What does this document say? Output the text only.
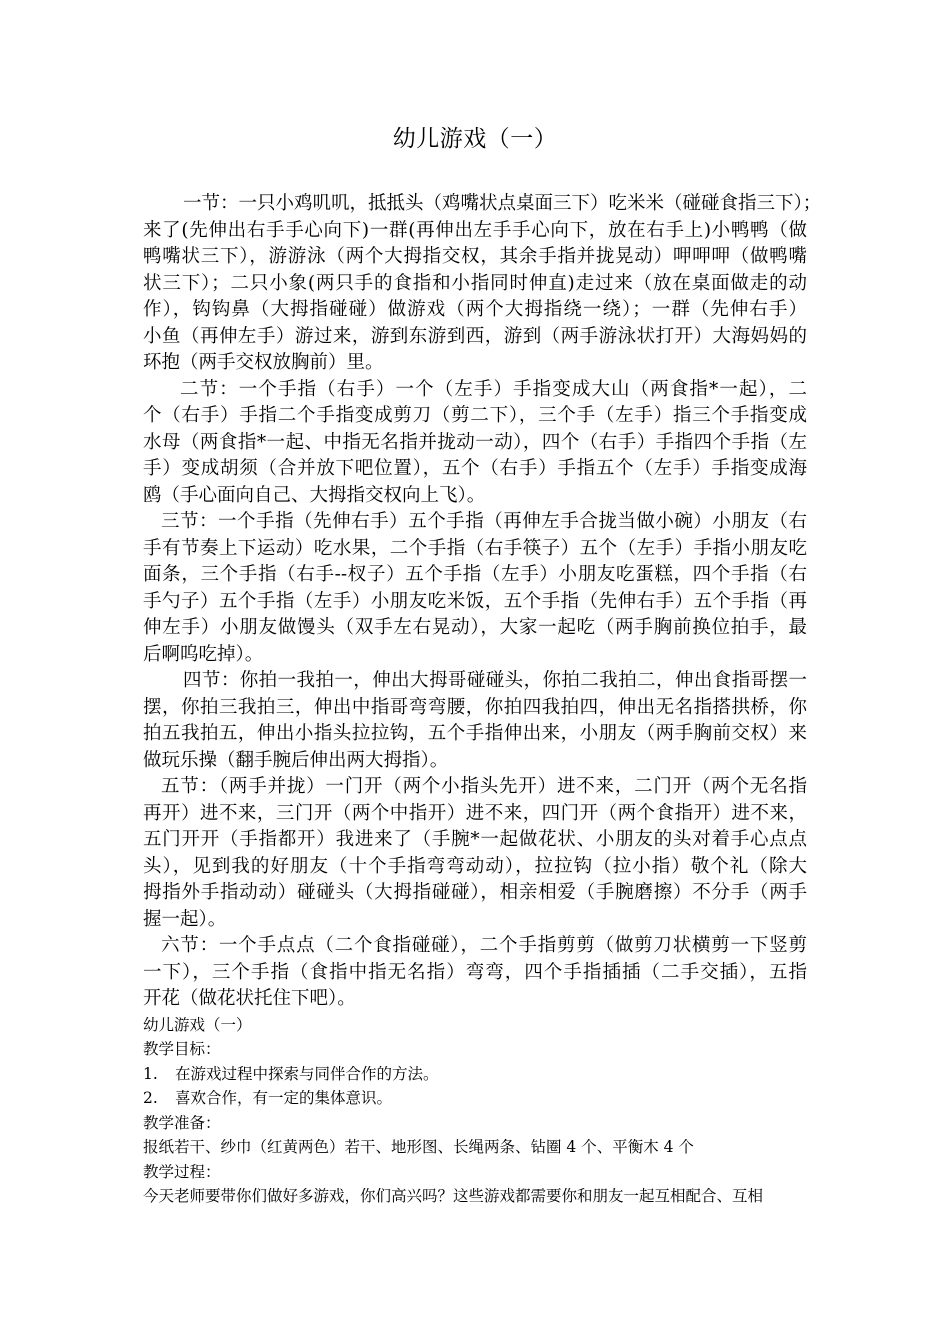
幼儿游戏（一）
一节：一只小鸡叽叽，抵抵头（鸡嘴状点桌面三下）吃米米（碰碰食指三下）；
来了(先伸出右手手心向下)一群(再伸出左手手心向下，放在右手上)小鸭鸭（做
鸭嘴状三下），游游泳（两个大拇指交权，其余手指并拢晃动）呷呷呷（做鸭嘴
状三下）；二只小象(两只手的食指和小指同时伸直)走过来（放在桌面做走的动
作），钩钩鼻（大拇指碰碰）做游戏（两个大拇指绕一绕）；一群（先伸右手）
小鱼（再伸左手）游过来，游到东游到西，游到（两手游泳状打开）大海妈妈的
环抱（两手交权放胸前）里。
二节：一个手指（右手）一个（左手）手指变成大山（两食指*一起），二
个（右手）手指二个手指变成剪刀（剪二下），三个手（左手）指三个手指变成
水母（两食指*一起、中指无名指并拢动一动），四个（右手）手指四个手指（左
手）变成胡须（合并放下吧位置），五个（右手）手指五个（左手）手指变成海
鸥（手心面向自己、大拇指交权向上飞）。
三节：一个手指（先伸右手）五个手指（再伸左手合拢当做小碗）小朋友（右
手有节奏上下运动）吃水果，二个手指（右手筷子）五个（左手）手指小朋友吃
面条，三个手指（右手--杈子）五个手指（左手）小朋友吃蛋糕，四个手指（右
手勺子）五个手指（左手）小朋友吃米饭，五个手指（先伸右手）五个手指（再
伸左手）小朋友做馒头（双手左右晃动），大家一起吃（两手胸前换位拍手，最
后啊呜吃掉）。
四节：你拍一我拍一，伸出大拇哥碰碰头，你拍二我拍二，伸出食指哥摆一
摆，你拍三我拍三，伸出中指哥弯弯腰，你拍四我拍四，伸出无名指搭拱桥，你
拍五我拍五，伸出小指头拉拉钩，五个手指伸出来，小朋友（两手胸前交权）来
做玩乐操（翻手腕后伸出两大拇指）。
五节：（两手并拢）一门开（两个小指头先开）进不来，二门开（两个无名指
再开）进不来，三门开（两个中指开）进不来，四门开（两个食指开）进不来，
五门开开（手指都开）我进来了（手腕*一起做花状、小朋友的头对着手心点点
头），见到我的好朋友（十个手指弯弯动动），拉拉钩（拉小指）敬个礼（除大
拇指外手指动动）碰碰头（大拇指碰碰），相亲相爱（手腕磨擦）不分手（两手
握一起）。
六节：一个手点点（二个食指碰碰），二个手指剪剪（做剪刀状横剪一下竖剪
一下），三个手指（食指中指无名指）弯弯，四个手指插插（二手交插），五指
开花（做花状托住下吧）。
幼儿游戏（一）
教学目标：
1. 在游戏过程中探索与同伴合作的方法。
2. 喜欢合作，有一定的集体意识。
教学准备：
报纸若干、纱巾（红黄两色）若干、地形图、长绳两条、钻圈 4 个、平衡木 4 个
教学过程：
今天老师要带你们做好多游戏，你们高兴吗？这些游戏都需要你和朋友一起互相配合、互相
